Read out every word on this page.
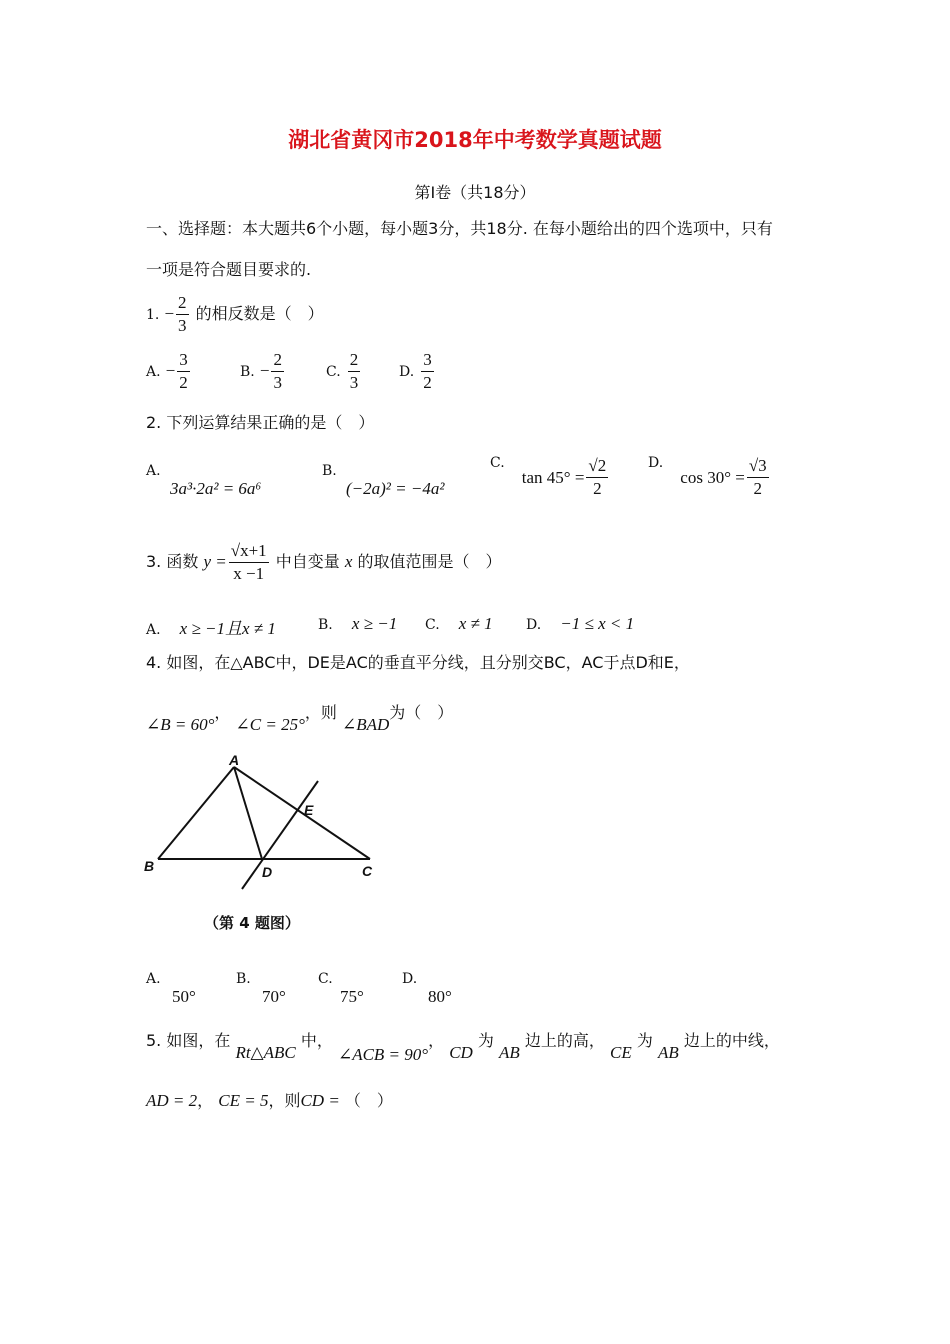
湖北省黄冈市2018年中考数学真题试题
第Ⅰ卷（共18分）
一、选择题：本大题共6个小题，每小题3分，共18分. 在每小题给出的四个选项中，只有
一项是符合题目要求的.
1. − $\frac{2}{3}$ 的相反数是（　）
A. − $\frac{3}{2}$	B. − $\frac{2}{3}$	C. $\frac{2}{3}$	D. $\frac{3}{2}$
2. 下列运算结果正确的是（　）
A.
3a³·2a² = 6a⁶
B.
(−2a)² = −4a²
C. $\tan 45^\circ = \frac{√2}{2}$	D. $\cos 30^\circ = \frac{√3}{2}$
3. 函数 $y = \frac{√x+1}{x -1}$ 中自变量 x 的取值范围是（　）
A. x ≥ −1且x ≠ 1	B. x ≥ −1 C. x ≠ 1 D. −1 ≤ x < 1
4. 如图，在△ABC中，DE是AC的垂直平分线，且分别交BC，AC于点D和E，
∠B = 60°， ∠C = 25°，则 ∠BAD为（　）
A
B	C
D
E
（第 4 题图）
A.
50°
B.
70°
C.
75°
D.
80°
5. 如图，在 Rt△ABC 中， ∠ACB = 90°， CD 为 AB 边上的高， CE 为 AB 边上的中线，
AD = 2， CE = 5，则CD = （　）
